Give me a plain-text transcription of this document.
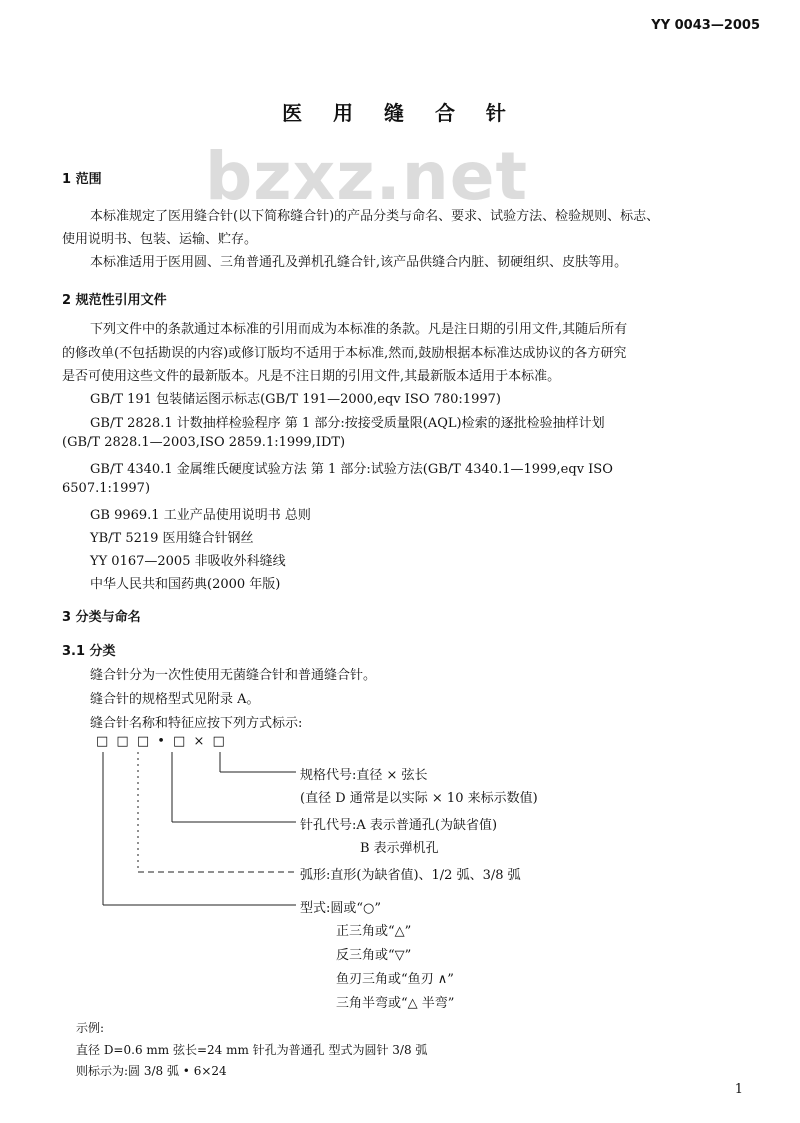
YY 0043—2005
bzxz.net
医 用 缝 合 针
1 范围
本标准规定了医用缝合针(以下简称缝合针)的产品分类与命名、要求、试验方法、检验规则、标志、
使用说明书、包装、运输、贮存。
本标准适用于医用圆、三角普通孔及弹机孔缝合针,该产品供缝合内脏、韧硬组织、皮肤等用。
2 规范性引用文件
下列文件中的条款通过本标准的引用而成为本标准的条款。凡是注日期的引用文件,其随后所有
的修改单(不包括勘误的内容)或修订版均不适用于本标准,然而,鼓励根据本标准达成协议的各方研究
是否可使用这些文件的最新版本。凡是不注日期的引用文件,其最新版本适用于本标准。
GB/T 191 包装储运图示标志(GB/T 191—2000,eqv ISO 780:1997)
GB/T 2828.1 计数抽样检验程序 第 1 部分:按接受质量限(AQL)检索的逐批检验抽样计划
(GB/T 2828.1—2003,ISO 2859.1:1999,IDT)
GB/T 4340.1 金属维氏硬度试验方法 第 1 部分:试验方法(GB/T 4340.1—1999,eqv ISO
6507.1:1997)
GB 9969.1 工业产品使用说明书 总则
YB/T 5219 医用缝合针钢丝
YY 0167—2005 非吸收外科缝线
中华人民共和国药典(2000 年版)
3 分类与命名
3.1 分类
缝合针分为一次性使用无菌缝合针和普通缝合针。
缝合针的规格型式见附录 A。
缝合针名称和特征应按下列方式标示:
□ □ □ • □ × □
规格代号:直径 × 弦长
(直径 D 通常是以实际 × 10 来标示数值)
针孔代号:A 表示普通孔(为缺省值)
B 表示弹机孔
弧形:直形(为缺省值)、1/2 弧、3/8 弧
型式:圆或“○”
正三角或“△”
反三角或“▽”
鱼刃三角或“鱼刃 ∧”
三角半弯或“△ 半弯”
示例:
直径 D=0.6 mm 弦长=24 mm 针孔为普通孔 型式为圆针 3/8 弧
则标示为:圆 3/8 弧 • 6×24
1
